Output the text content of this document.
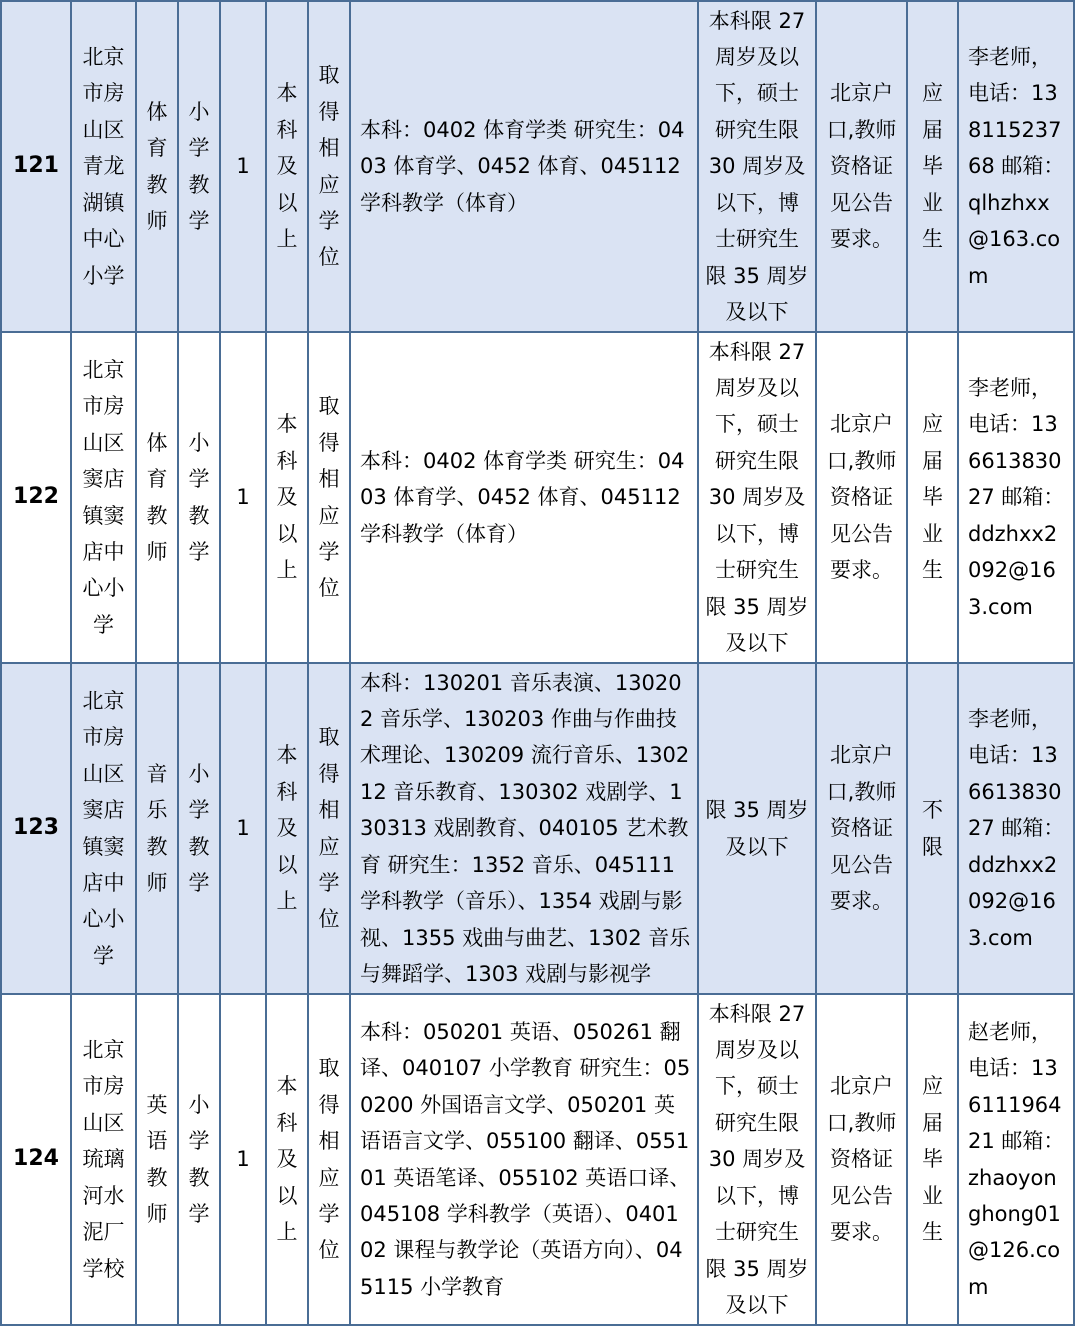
121	北京市房山区青龙湖镇中心小学	体育教师	小学教学	1	本科及以上	取得相应学位	本科：0402 体育学类 研究生：0403 体育学、0452 体育、045112 学科教学（体育）	本科限 27 周岁及以下，硕士研究生限 30 周岁及以下，博士研究生限 35 周岁及以下	北京户口,教师资格证见公告要求。	应届毕业生	李老师，电话：13811523768 邮箱：qlhzhxx@163.com
122	北京市房山区窦店镇窦店中心小学	体育教师	小学教学	1	本科及以上	取得相应学位	本科：0402 体育学类 研究生：0403 体育学、0452 体育、045112 学科教学（体育）	本科限 27 周岁及以下，硕士研究生限 30 周岁及以下，博士研究生限 35 周岁及以下	北京户口,教师资格证见公告要求。	应届毕业生	李老师，电话：13661383027 邮箱：ddzhxx2092@163.com
123	北京市房山区窦店镇窦店中心小学	音乐教师	小学教学	1	本科及以上	取得相应学位	本科：130201 音乐表演、130202 音乐学、130203 作曲与作曲技术理论、130209 流行音乐、130212 音乐教育、130302 戏剧学、130313 戏剧教育、040105 艺术教育 研究生：1352 音乐、045111 学科教学（音乐）、1354 戏剧与影视、1355 戏曲与曲艺、1302 音乐与舞蹈学、1303 戏剧与影视学	限 35 周岁及以下	北京户口,教师资格证见公告要求。	不限	李老师，电话：13661383027 邮箱：ddzhxx2092@163.com
124	北京市房山区琉璃河水泥厂学校	英语教师	小学教学	1	本科及以上	取得相应学位	本科：050201 英语、050261 翻译、040107 小学教育 研究生：050200 外国语言文学、050201 英语语言文学、055100 翻译、055101 英语笔译、055102 英语口译、045108 学科教学（英语）、040102 课程与教学论（英语方向）、045115 小学教育	本科限 27 周岁及以下，硕士研究生限 30 周岁及以下，博士研究生限 35 周岁及以下	北京户口,教师资格证见公告要求。	应届毕业生	赵老师，电话：13611196421 邮箱：zhaoyonghong01@126.com
